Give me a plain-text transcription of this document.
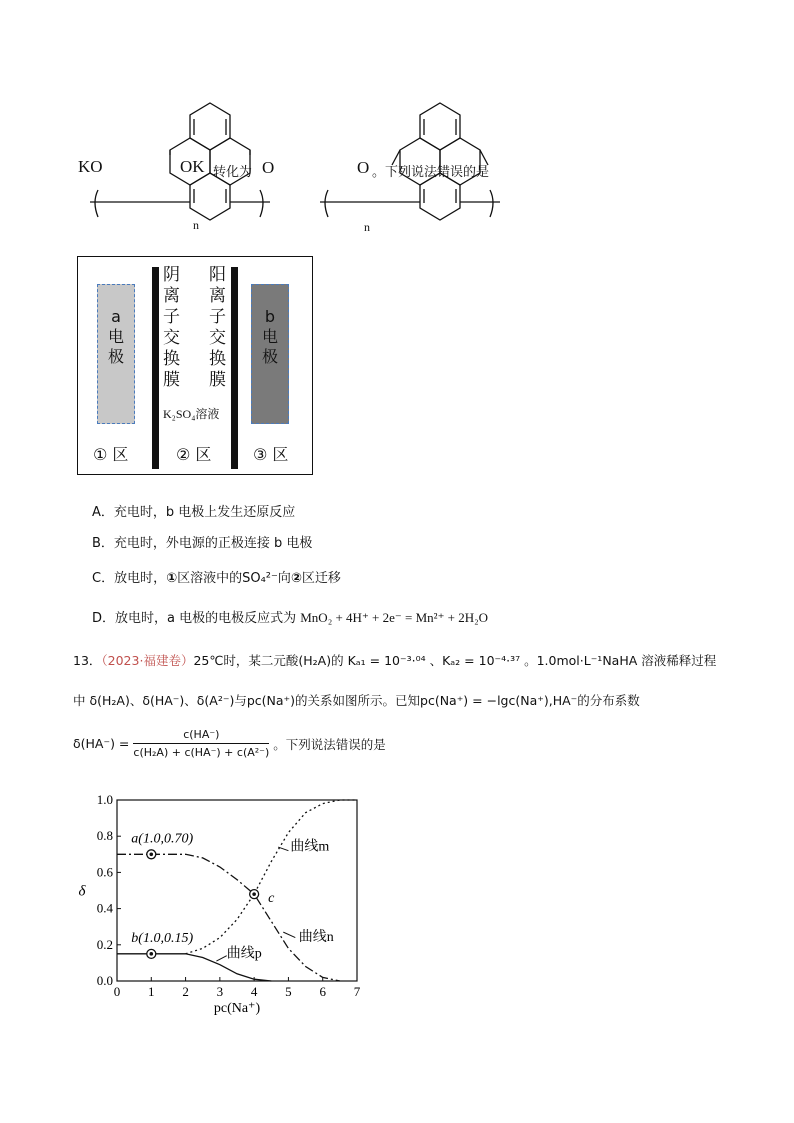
KO	OK	O	O
n	n
转化为	。下列说法错误的是
a
电
极
b
电
极
阴离子交换膜
阳离子交换膜
K₂SO₄溶液
① 区	② 区	③ 区
A．充电时，b 电极上发生还原反应
B．充电时，外电源的正极连接 b 电极
C．放电时，①区溶液中的SO₄²⁻向②区迁移
D．放电时，a 电极的电极反应式为 MnO₂ + 4H⁺ + 2e⁻ = Mn²⁺ + 2H₂O
13．（2023·福建卷）25℃时，某二元酸(H₂A)的 Kₐ₁ = 10⁻³·⁰⁴ 、Kₐ₂ = 10⁻⁴·³⁷ 。1.0mol·L⁻¹NaHA 溶液稀释过程
中 δ(H₂A)、δ(HA⁻)、δ(A²⁻)与pc(Na⁺)的关系如图所示。已知pc(Na⁺) = −lgc(Na⁺),HA⁻的分布系数
$\delta(HA^-) = \frac{c(HA^-)}{\text{c(H₂A) + c(HA⁻) + c(A²⁻)}}$ 。下列说法错误的是
0 1 2 3 4 5 6 7
0.0
0.2
0.4
0.6
0.8
1.0
pc(Na⁺)
δ
曲线m
曲线n
曲线p
a(1.0,0.70)
b(1.0,0.15)
c
